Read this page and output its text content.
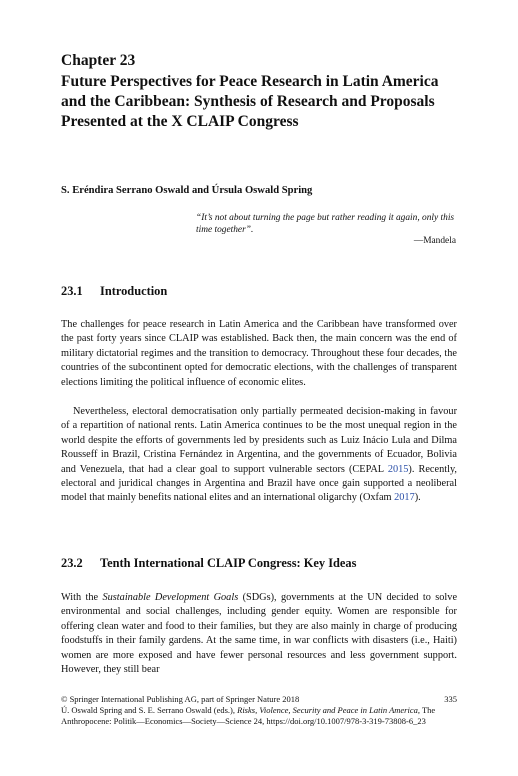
Chapter 23
Future Perspectives for Peace Research in Latin America and the Caribbean: Synthesis of Research and Proposals Presented at the X CLAIP Congress
S. Eréndira Serrano Oswald and Úrsula Oswald Spring
“It’s not about turning the page but rather reading it again, only this time together”.
—Mandela
23.1 Introduction

The challenges for peace research in Latin America and the Caribbean have transformed over the past forty years since CLAIP was established. Back then, the main concern was the end of military dictatorial regimes and the transition to democracy. Throughout these four decades, the countries of the subcontinent opted for democratic elections, with the challenges of transparent elections limiting the political influence of economic elites.

Nevertheless, electoral democratisation only partially permeated decision-making in favour of a repartition of national rents. Latin America continues to be the most unequal region in the world despite the efforts of governments led by presidents such as Luiz Inácio Lula and Dilma Rousseff in Brazil, Cristina Fernández in Argentina, and the governments of Ecuador, Bolivia and Venezuela, that had a clear goal to support vulnerable sectors (CEPAL 2015). Recently, electoral and juridical changes in Argentina and Brazil have once gain supported a neoliberal model that mainly benefits national elites and an international oligarchy (Oxfam 2017).

23.2 Tenth International CLAIP Congress: Key Ideas

With the Sustainable Development Goals (SDGs), governments at the UN decided to solve environmental and social challenges, including gender equity. Women are responsible for offering clean water and food to their families, but they are also mainly in charge of producing foodstuffs in their family gardens. At the same time, in war conflicts with disasters (i.e., Haiti) women are more exposed and have fewer personal resources and less government support. However, they still bear

© Springer International Publishing AG, part of Springer Nature 2018
Ú. Oswald Spring and S. E. Serrano Oswald (eds.), Risks, Violence, Security and Peace in Latin America, The Anthropocene: Politik—Economics—Society—Science 24, https://doi.org/10.1007/978-3-319-73808-6_23
335
